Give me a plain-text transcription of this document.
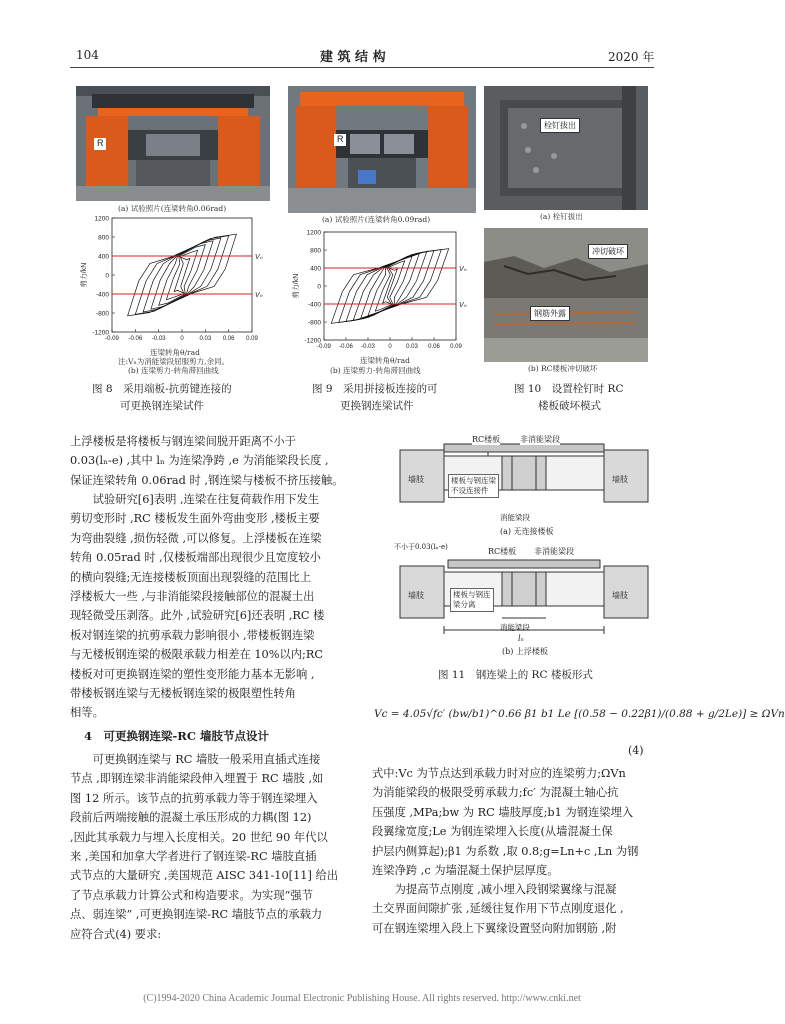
104	建 筑 结 构	2020 年
R
(a) 试验照片(连梁转角0.06rad)
1200
800
400
0
-400
-800
-1200
-0.09 -0.06 -0.03 0	0.03 0.06 0.09
剪力/kN
Vₙ
Vₙ
连梁转角θ/rad
注:Vₙ为消能梁段屈服剪力,余同。
(b) 连梁剪力-转角滞回曲线
R
(a) 试验照片(连梁转角0.09rad)
1200
800
400
0
-400
-800
-1200
-0.09 -0.06 -0.03 0 0.03 0.06 0.09
剪力/kN
Vₙ
Vₙ
连梁转角θ/rad
(b) 连梁剪力-转角滞回曲线
栓钉拔出
(a) 栓钉拔出
冲切破坏
钢筋外露
(b) RC楼板冲切破坏
图 8　采用端板-抗剪键连接的
可更换钢连梁试件
图 9　采用拼接板连接的可
更换钢连梁试件
图 10　设置栓钉时 RC
楼板破坏模式
RC楼板 非消能梁段
墙肢	墙肢
楼板与钢连梁
不设连接件
消能梁段
(a) 无连接楼板
不小于0.03(lₙ-e)	RC楼板 非消能梁段
墙肢	墙肢
楼板与钢连
梁分离
消能梁段
lₙ
(b) 上浮楼板
图 11　钢连梁上的 RC 楼板形式

上浮楼板是将楼板与钢连梁间脱开距离不小于

0.03(lₙ-e) ,其中 lₙ 为连梁净跨 ,e 为消能梁段长度 ,

保证连梁转角 0.06rad 时 ,钢连梁与楼板不挤压接触。

试验研究[6]表明 ,连梁在往复荷载作用下发生

剪切变形时 ,RC 楼板发生面外弯曲变形 ,楼板主要

为弯曲裂缝 ,损伤轻微 ,可以修复。上浮楼板在连梁

转角 0.05rad 时 ,仅楼板端部出现很少且宽度较小

的横向裂缝;无连接楼板顶面出现裂缝的范围比上

浮楼板大一些 ,与非消能梁段接触部位的混凝土出

现轻微受压剥落。此外 ,试验研究[6]还表明 ,RC 楼

板对钢连梁的抗剪承载力影响很小 ,带楼板钢连梁

与无楼板钢连梁的极限承载力相差在 10%以内;RC

楼板对可更换钢连梁的塑性变形能力基本无影响 ,

带楼板钢连梁与无楼板钢连梁的极限塑性转角

相等。

4　可更换钢连梁-RC 墙肢节点设计

可更换钢连梁与 RC 墙肢一般采用直插式连接

节点 ,即钢连梁非消能梁段伸入埋置于 RC 墙肢 ,如

图 12 所示。该节点的抗剪承载力等于钢连梁埋入

段前后两端接触的混凝土承压形成的力耦(图 12)

,因此其承载力与埋入长度相关。20 世纪 90 年代以

来 ,美国和加拿大学者进行了钢连梁-RC 墙肢直插

式节点的大量研究 ,美国规范 AISC 341-10[11] 给出

了节点承载力计算公式和构造要求。为实现“强节

点、弱连梁” ,可更换钢连梁-RC 墙肢节点的承载力

应符合式(4) 要求:

Vc = 4.05√fc′ (bw/b1)^0.66 β1 b1 Le [(0.58 − 0.22β1)/(0.88 + g/2Le)] ≥ ΩVn
(4)

式中:Vc 为节点达到承载力时对应的连梁剪力;ΩVn

为消能梁段的极限受剪承载力;fc′ 为混凝土轴心抗

压强度 ,MPa;bw 为 RC 墙肢厚度;b1 为钢连梁埋入

段翼缘宽度;Le 为钢连梁埋入长度(从墙混凝土保

护层内侧算起);β1 为系数 ,取 0.8;g=Ln+c ,Ln 为钢

连梁净跨 ,c 为墙混凝土保护层厚度。

为提高节点刚度 ,减小埋入段钢梁翼缘与混凝

土交界面间隙扩张 ,延缓往复作用下节点刚度退化 ,

可在钢连梁埋入段上下翼缘设置竖向附加钢筋 ,附

(C)1994-2020 China Academic Journal Electronic Publishing House. All rights reserved. http://www.cnki.net
